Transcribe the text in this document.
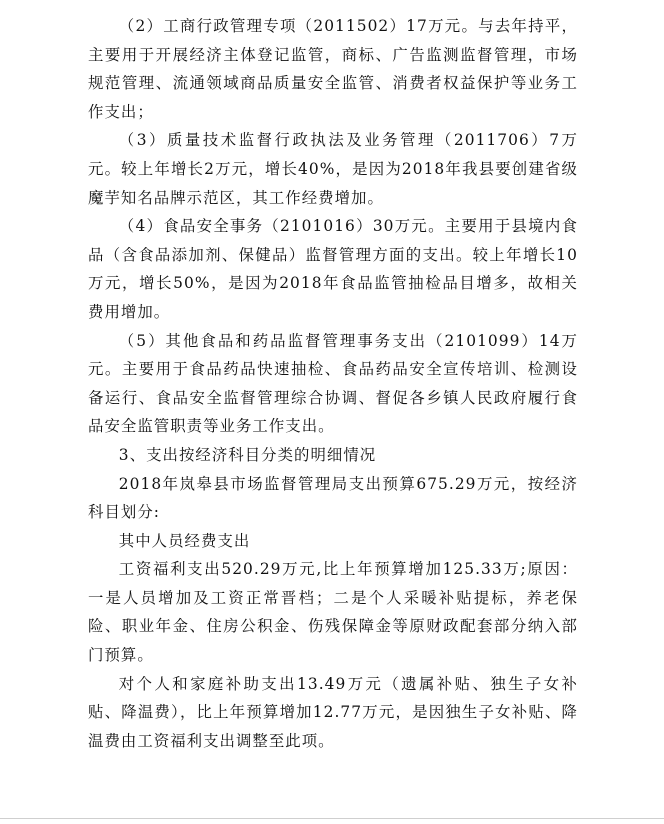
（2）工商行政管理专项（2011502）17万元。与去年持平，主要用于开展经济主体登记监管，商标、广告监测监督管理，市场规范管理、流通领域商品质量安全监管、消费者权益保护等业务工作支出；

（3）质量技术监督行政执法及业务管理（2011706）7万元。较上年增长2万元，增长40%，是因为2018年我县要创建省级魔芋知名品牌示范区，其工作经费增加。

（4）食品安全事务（2101016）30万元。主要用于县境内食品（含食品添加剂、保健品）监督管理方面的支出。较上年增长10万元，增长50%，是因为2018年食品监管抽检品目增多，故相关费用增加。

（5）其他食品和药品监督管理事务支出（2101099）14万元。主要用于食品药品快速抽检、食品药品安全宣传培训、检测设备运行、食品安全监督管理综合协调、督促各乡镇人民政府履行食品安全监管职责等业务工作支出。

3、支出按经济科目分类的明细情况

2018年岚皋县市场监督管理局支出预算675.29万元，按经济科目划分:

其中人员经费支出

工资福利支出520.29万元,比上年预算增加125.33万;原因：一是人员增加及工资正常晋档；二是个人采暖补贴提标，养老保险、职业年金、住房公积金、伤残保障金等原财政配套部分纳入部门预算。

对个人和家庭补助支出13.49万元（遗属补贴、独生子女补贴、降温费），比上年预算增加12.77万元，是因独生子女补贴、降温费由工资福利支出调整至此项。
